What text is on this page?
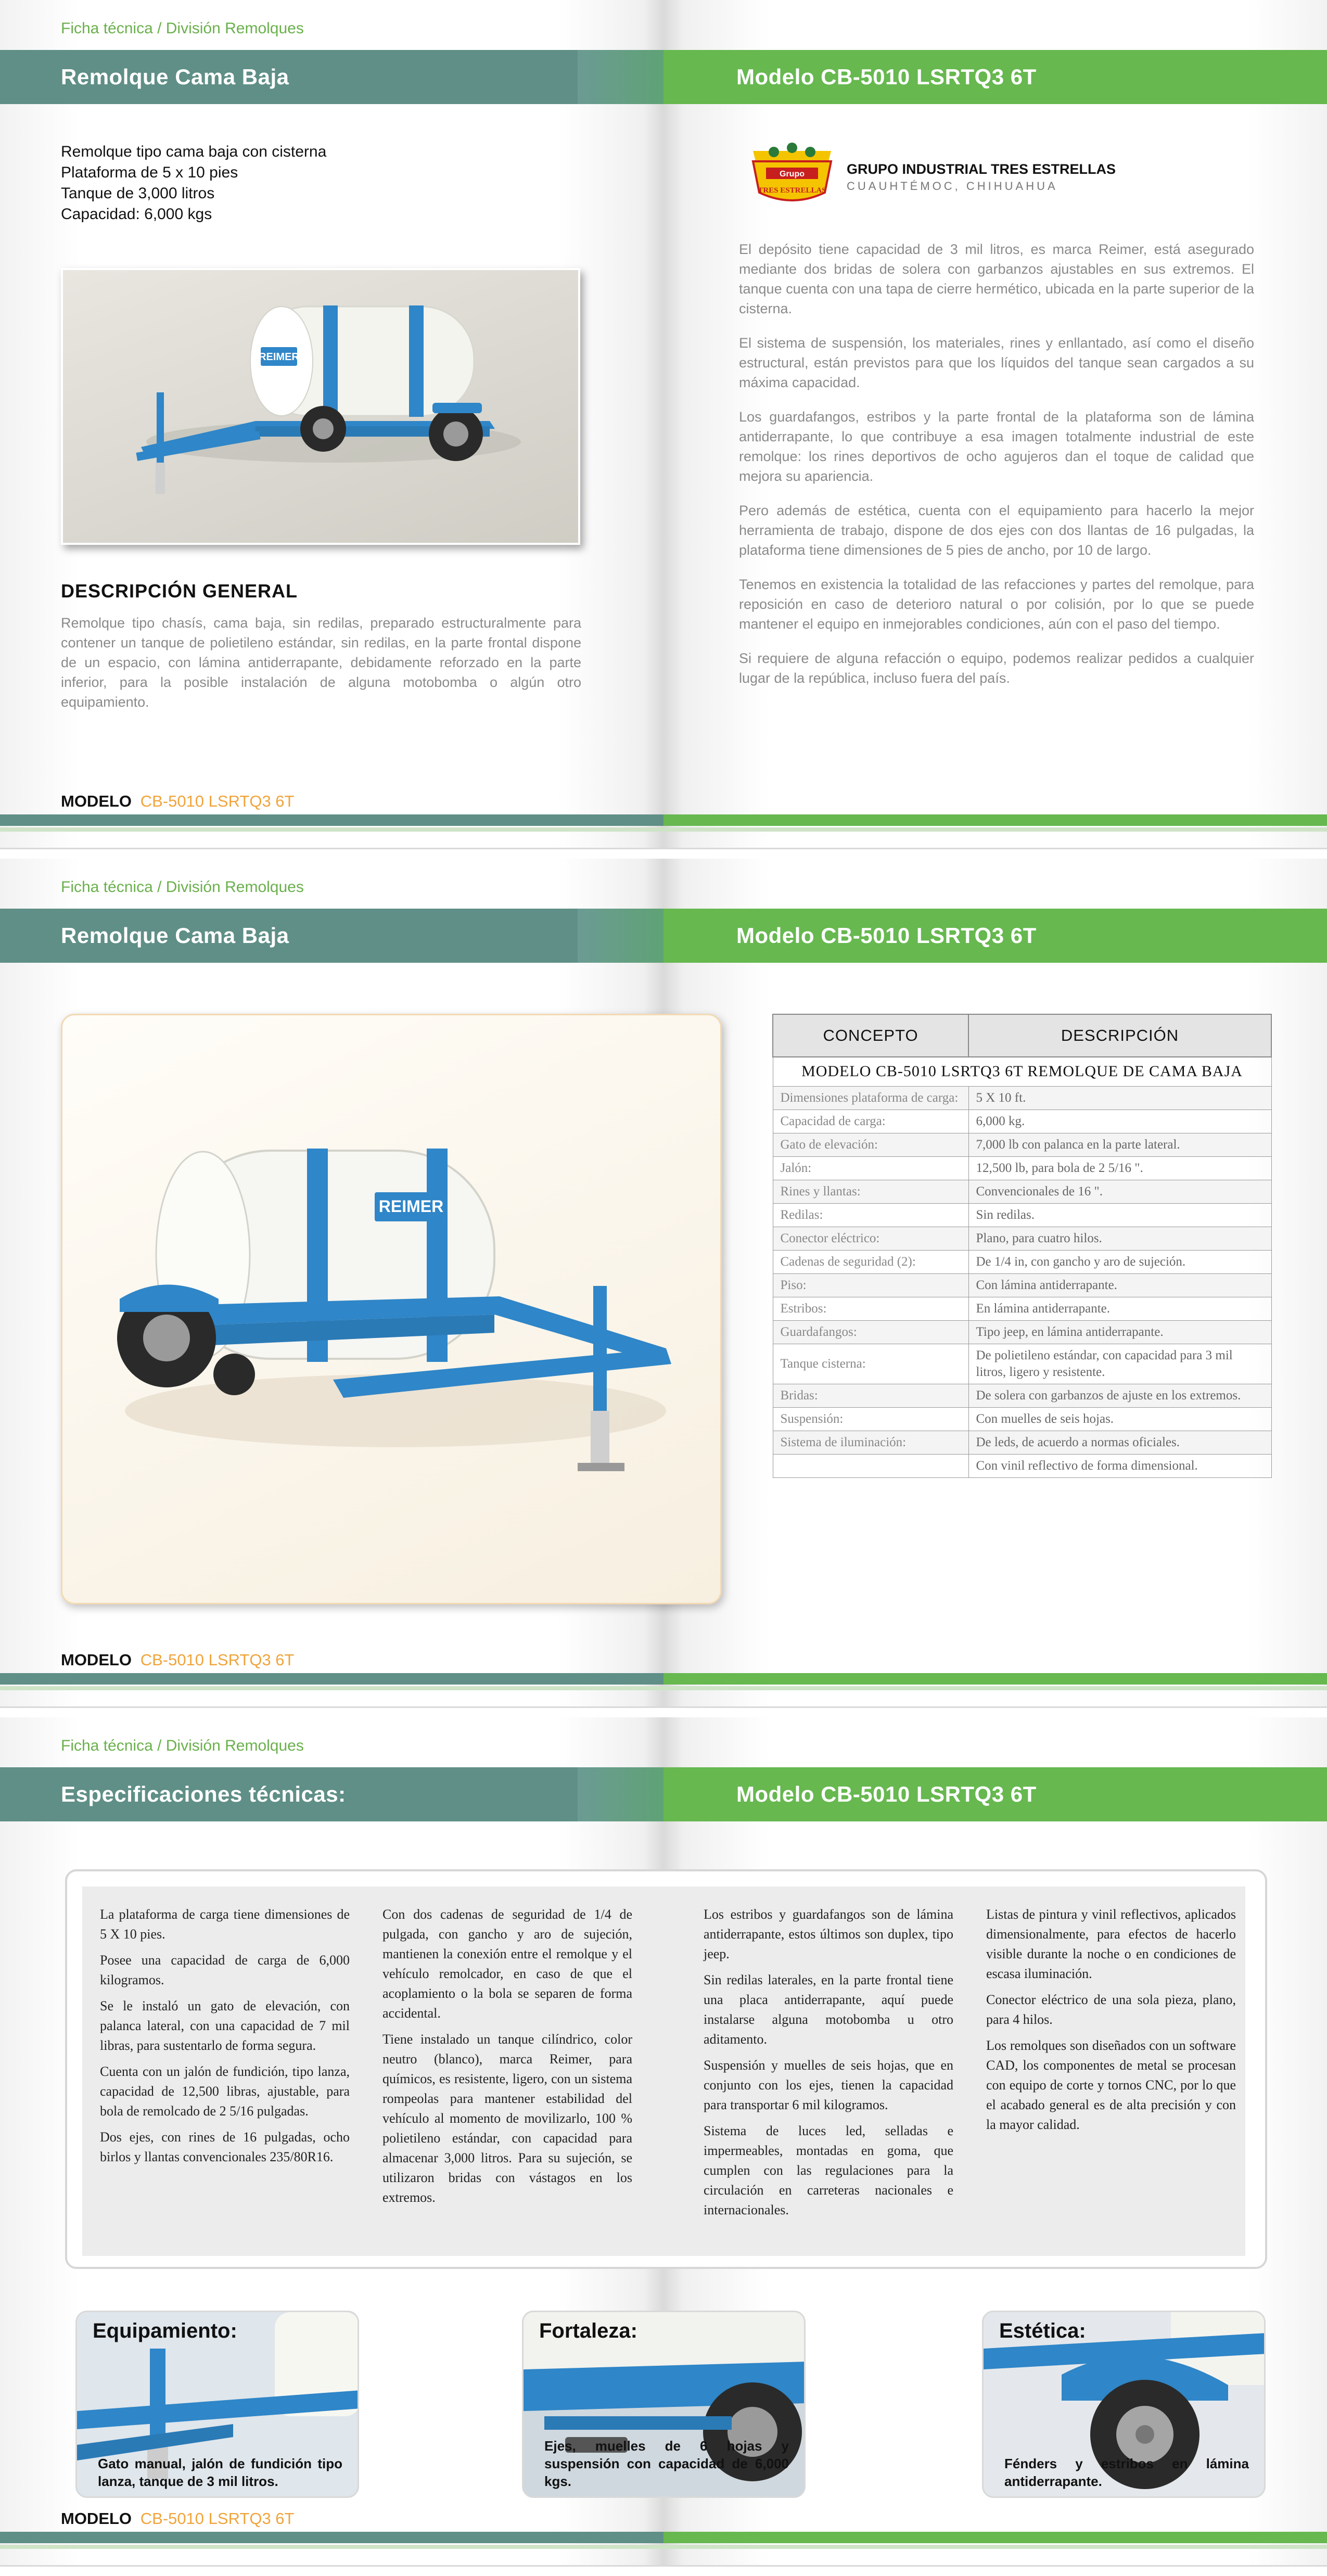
Ficha técnica / División Remolques
Remolque Cama Baja	Modelo CB-5010 LSRTQ3 6T
Remolque tipo cama baja con cisterna
Plataforma de 5 x 10 pies
Tanque de 3,000 litros
Capacidad: 6,000 kgs
REIMER
DESCRIPCIÓN GENERAL
Remolque tipo chasís, cama baja, sin redilas, preparado estructuralmente para contener un tanque de polietileno estándar, sin redilas, en la parte frontal dispone de un espacio, con lámina antiderrapante, debidamente reforzado en la parte inferior, para la posible instalación de alguna motobomba o algún otro equipamiento.
Grupo
TRES ESTRELLAS
GRUPO INDUSTRIAL TRES ESTRELLAS
CUAUHTÉMOC, CHIHUAHUA

El depósito tiene capacidad de 3 mil litros, es marca Reimer, está asegurado mediante dos bridas de solera con garbanzos ajustables en sus extremos. El tanque cuenta con una tapa de cierre hermético, ubicada en la parte superior de la cisterna.

El sistema de suspensión, los materiales, rines y enllantado, así como el diseño estructural, están previstos para que los líquidos del tanque sean cargados a su máxima capacidad.

Los guardafangos, estribos y la parte frontal de la plataforma son de lámina antiderrapante, lo que contribuye a esa imagen totalmente industrial de este remolque: los rines deportivos de ocho agujeros dan el toque de calidad que mejora su apariencia.

Pero además de estética, cuenta con el equipamiento para hacerlo la mejor herramienta de trabajo, dispone de dos ejes con dos llantas de 16 pulgadas, la plataforma tiene dimensiones de 5 pies de ancho, por 10 de largo.

Tenemos en existencia la totalidad de las refacciones y partes del remolque, para reposición en caso de deterioro natural o por colisión, por lo que se puede mantener el equipo en inmejorables condiciones, aún con el paso del tiempo.

Si requiere de alguna refacción o equipo, podemos realizar pedidos a cualquier lugar de la república, incluso fuera del país.

MODELO CB-5010 LSRTQ3 6T
Ficha técnica / División Remolques
Remolque Cama Baja	Modelo CB-5010 LSRTQ3 6T
MODELO CB-5010 LSRTQ3 6T
REIMER
CONCEPTO	DESCRIPCIÓN
MODELO CB-5010 LSRTQ3 6T REMOLQUE DE CAMA BAJA	
Dimensiones plataforma de carga:	5 X 10 ft.
Capacidad de carga:	6,000 kg.
Gato de elevación:	7,000 lb con palanca en la parte lateral.
Jalón:	12,500 lb, para bola de 2 5/16 ".
Rines y llantas:	Convencionales de 16 ".
Redilas:	Sin redilas.
Conector eléctrico:	Plano, para cuatro hilos.
Cadenas de seguridad (2):	De 1/4 in, con gancho y aro de sujeción.
Piso:	Con lámina antiderrapante.
Estribos:	En lámina antiderrapante.
Guardafangos:	Tipo jeep, en lámina antiderrapante.
Tanque cisterna:	De polietileno estándar, con capacidad para 3 mil litros, ligero y resistente.
Bridas:	De solera con garbanzos de ajuste en los extremos.
Suspensión:	Con muelles de seis hojas.
Sistema de iluminación:	De leds, de acuerdo a normas oficiales.
	Con vinil reflectivo de forma dimensional.
Ficha técnica / División Remolques
Especificaciones técnicas:	Modelo CB-5010 LSRTQ3 6T
MODELO CB-5010 LSRTQ3 6T

La plataforma de carga tiene dimensiones de 5 X 10 pies.

Posee una capacidad de carga de 6,000 kilogramos.

Se le instaló un gato de elevación, con palanca lateral, con una capacidad de 7 mil libras, para sustentarlo de forma segura.

Cuenta con un jalón de fundición, tipo lanza, capacidad de 12,500 libras, ajustable, para bola de remolcado de 2 5/16 pulgadas.

Dos ejes, con rines de 16 pulgadas, ocho birlos y llantas convencionales 235/80R16.

Con dos cadenas de seguridad de 1/4 de pulgada, con gancho y aro de sujeción, mantienen la conexión entre el remolque y el vehículo remolcador, en caso de que el acoplamiento o la bola se separen de forma accidental.

Tiene instalado un tanque cilíndrico, color neutro (blanco), marca Reimer, para químicos, es resistente, ligero, con un sistema rompeolas para mantener estabilidad del vehículo al momento de movilizarlo, 100 % polietileno estándar, con capacidad para almacenar 3,000 litros. Para su sujeción, se utilizaron bridas con vástagos en los extremos.

Los estribos y guardafangos son de lámina antiderrapante, estos últimos son duplex, tipo jeep.

Sin redilas laterales, en la parte frontal tiene una placa antiderrapante, aquí puede instalarse alguna motobomba u otro aditamento.

Suspensión y muelles de seis hojas, que en conjunto con los ejes, tienen la capacidad para transportar 6 mil kilogramos.

Sistema de luces led, selladas e impermeables, montadas en goma, que cumplen con las regulaciones para la circulación en carreteras nacionales e internacionales.

Listas de pintura y vinil reflectivos, aplicados dimensionalmente, para efectos de hacerlo visible durante la noche o en condiciones de escasa iluminación.

Conector eléctrico de una sola pieza, plano, para 4 hilos.

Los remolques son diseñados con un software CAD, los componentes de metal se procesan con equipo de corte y tornos CNC, por lo que el acabado general es de alta precisión y con la mayor calidad.

Equipamiento:
Gato manual, jalón de fundición tipo lanza, tanque de 3 mil litros.
Fortaleza:
Ejes, muelles de 6 hojas y suspensión con capacidad de 6,000 kgs.
Estética:
Fénders y estribos en lámina antiderrapante.
